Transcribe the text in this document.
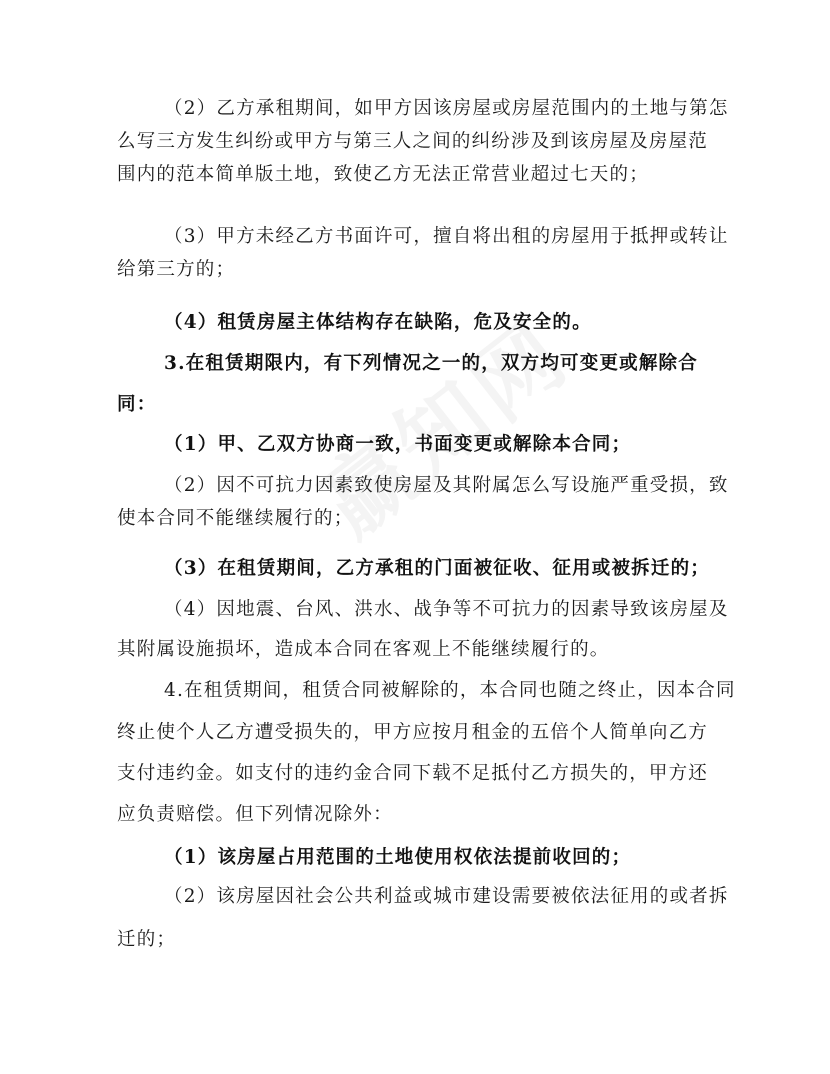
（2）乙方承租期间，如甲方因该房屋或房屋范围内的土地与第怎
么写三方发生纠纷或甲方与第三人之间的纠纷涉及到该房屋及房屋范
围内的范本简单版土地，致使乙方无法正常营业超过七天的；
（3）甲方未经乙方书面许可，擅自将出租的房屋用于抵押或转让
给第三方的；
（4）租赁房屋主体结构存在缺陷，危及安全的。
3.在租赁期限内，有下列情况之一的，双方均可变更或解除合
同：
（1）甲、乙双方协商一致，书面变更或解除本合同；
（2）因不可抗力因素致使房屋及其附属怎么写设施严重受损，致
使本合同不能继续履行的；
（3）在租赁期间，乙方承租的门面被征收、征用或被拆迁的；
（4）因地震、台风、洪水、战争等不可抗力的因素导致该房屋及
其附属设施损坏，造成本合同在客观上不能继续履行的。
4.在租赁期间，租赁合同被解除的，本合同也随之终止，因本合同
终止使个人乙方遭受损失的，甲方应按月租金的五倍个人简单向乙方
支付违约金。如支付的违约金合同下载不足抵付乙方损失的，甲方还
应负责赔偿。但下列情况除外：
（1）该房屋占用范围的土地使用权依法提前收回的；
（2）该房屋因社会公共利益或城市建设需要被依法征用的或者拆
迁的；
